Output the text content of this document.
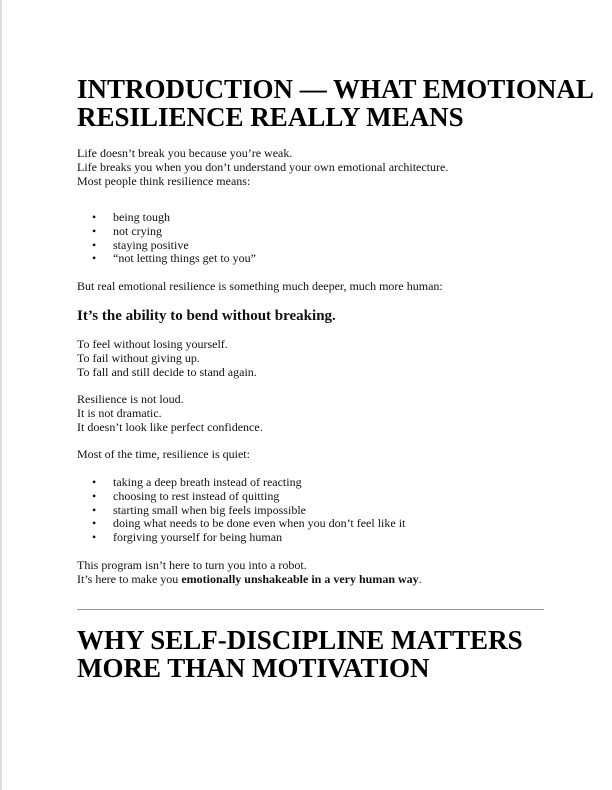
INTRODUCTION — WHAT EMOTIONAL
RESILIENCE REALLY MEANS
Life doesn’t break you because you’re weak.
Life breaks you when you don’t understand your own emotional architecture.
Most people think resilience means:
• being tough
• not crying
• staying positive
• “not letting things get to you”
But real emotional resilience is something much deeper, much more human:
It’s the ability to bend without breaking.
To feel without losing yourself.
To fail without giving up.
To fall and still decide to stand again.
Resilience is not loud.
It is not dramatic.
It doesn’t look like perfect confidence.
Most of the time, resilience is quiet:
• taking a deep breath instead of reacting
• choosing to rest instead of quitting
• starting small when big feels impossible
• doing what needs to be done even when you don’t feel like it
• forgiving yourself for being human
This program isn’t here to turn you into a robot.
It’s here to make you emotionally unshakeable in a very human way.
WHY SELF-DISCIPLINE MATTERS
MORE THAN MOTIVATION
